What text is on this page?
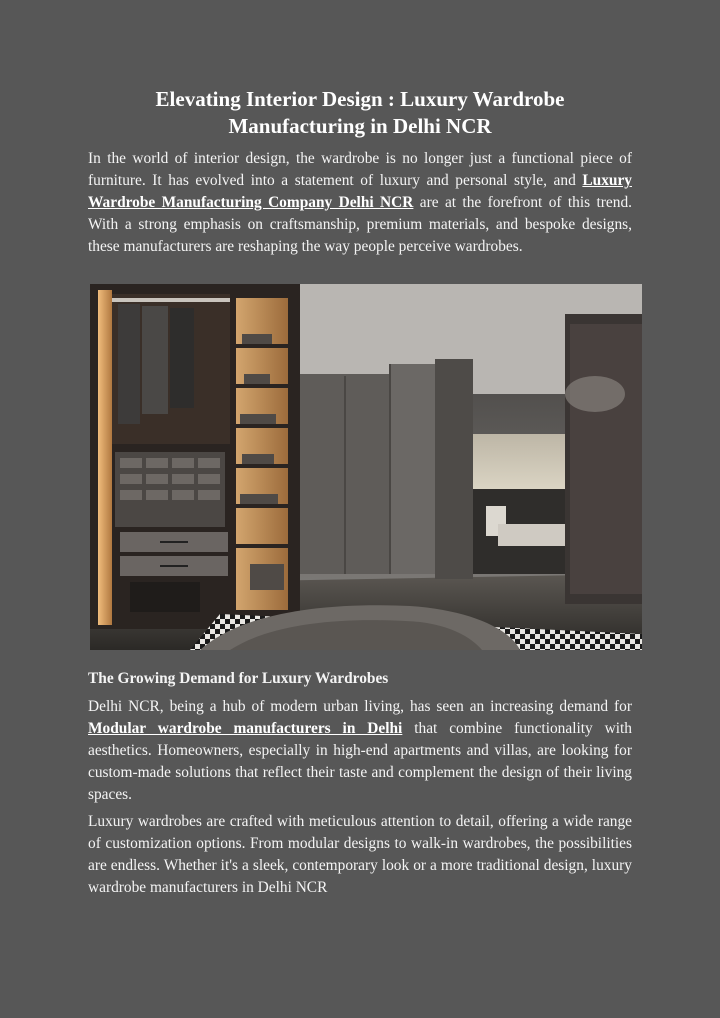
Elevating Interior Design : Luxury Wardrobe Manufacturing in Delhi NCR

In the world of interior design, the wardrobe is no longer just a functional piece of furniture. It has evolved into a statement of luxury and personal style, and Luxury Wardrobe Manufacturing Company Delhi NCR are at the forefront of this trend. With a strong emphasis on craftsmanship, premium materials, and bespoke designs, these manufacturers are reshaping the way people perceive wardrobes.

The Growing Demand for Luxury Wardrobes

Delhi NCR, being a hub of modern urban living, has seen an increasing demand for Modular wardrobe manufacturers in Delhi that combine functionality with aesthetics. Homeowners, especially in high-end apartments and villas, are looking for custom-made solutions that reflect their taste and complement the design of their living spaces.

Luxury wardrobes are crafted with meticulous attention to detail, offering a wide range of customization options. From modular designs to walk-in wardrobes, the possibilities are endless. Whether it's a sleek, contemporary look or a more traditional design, luxury wardrobe manufacturers in Delhi NCR
